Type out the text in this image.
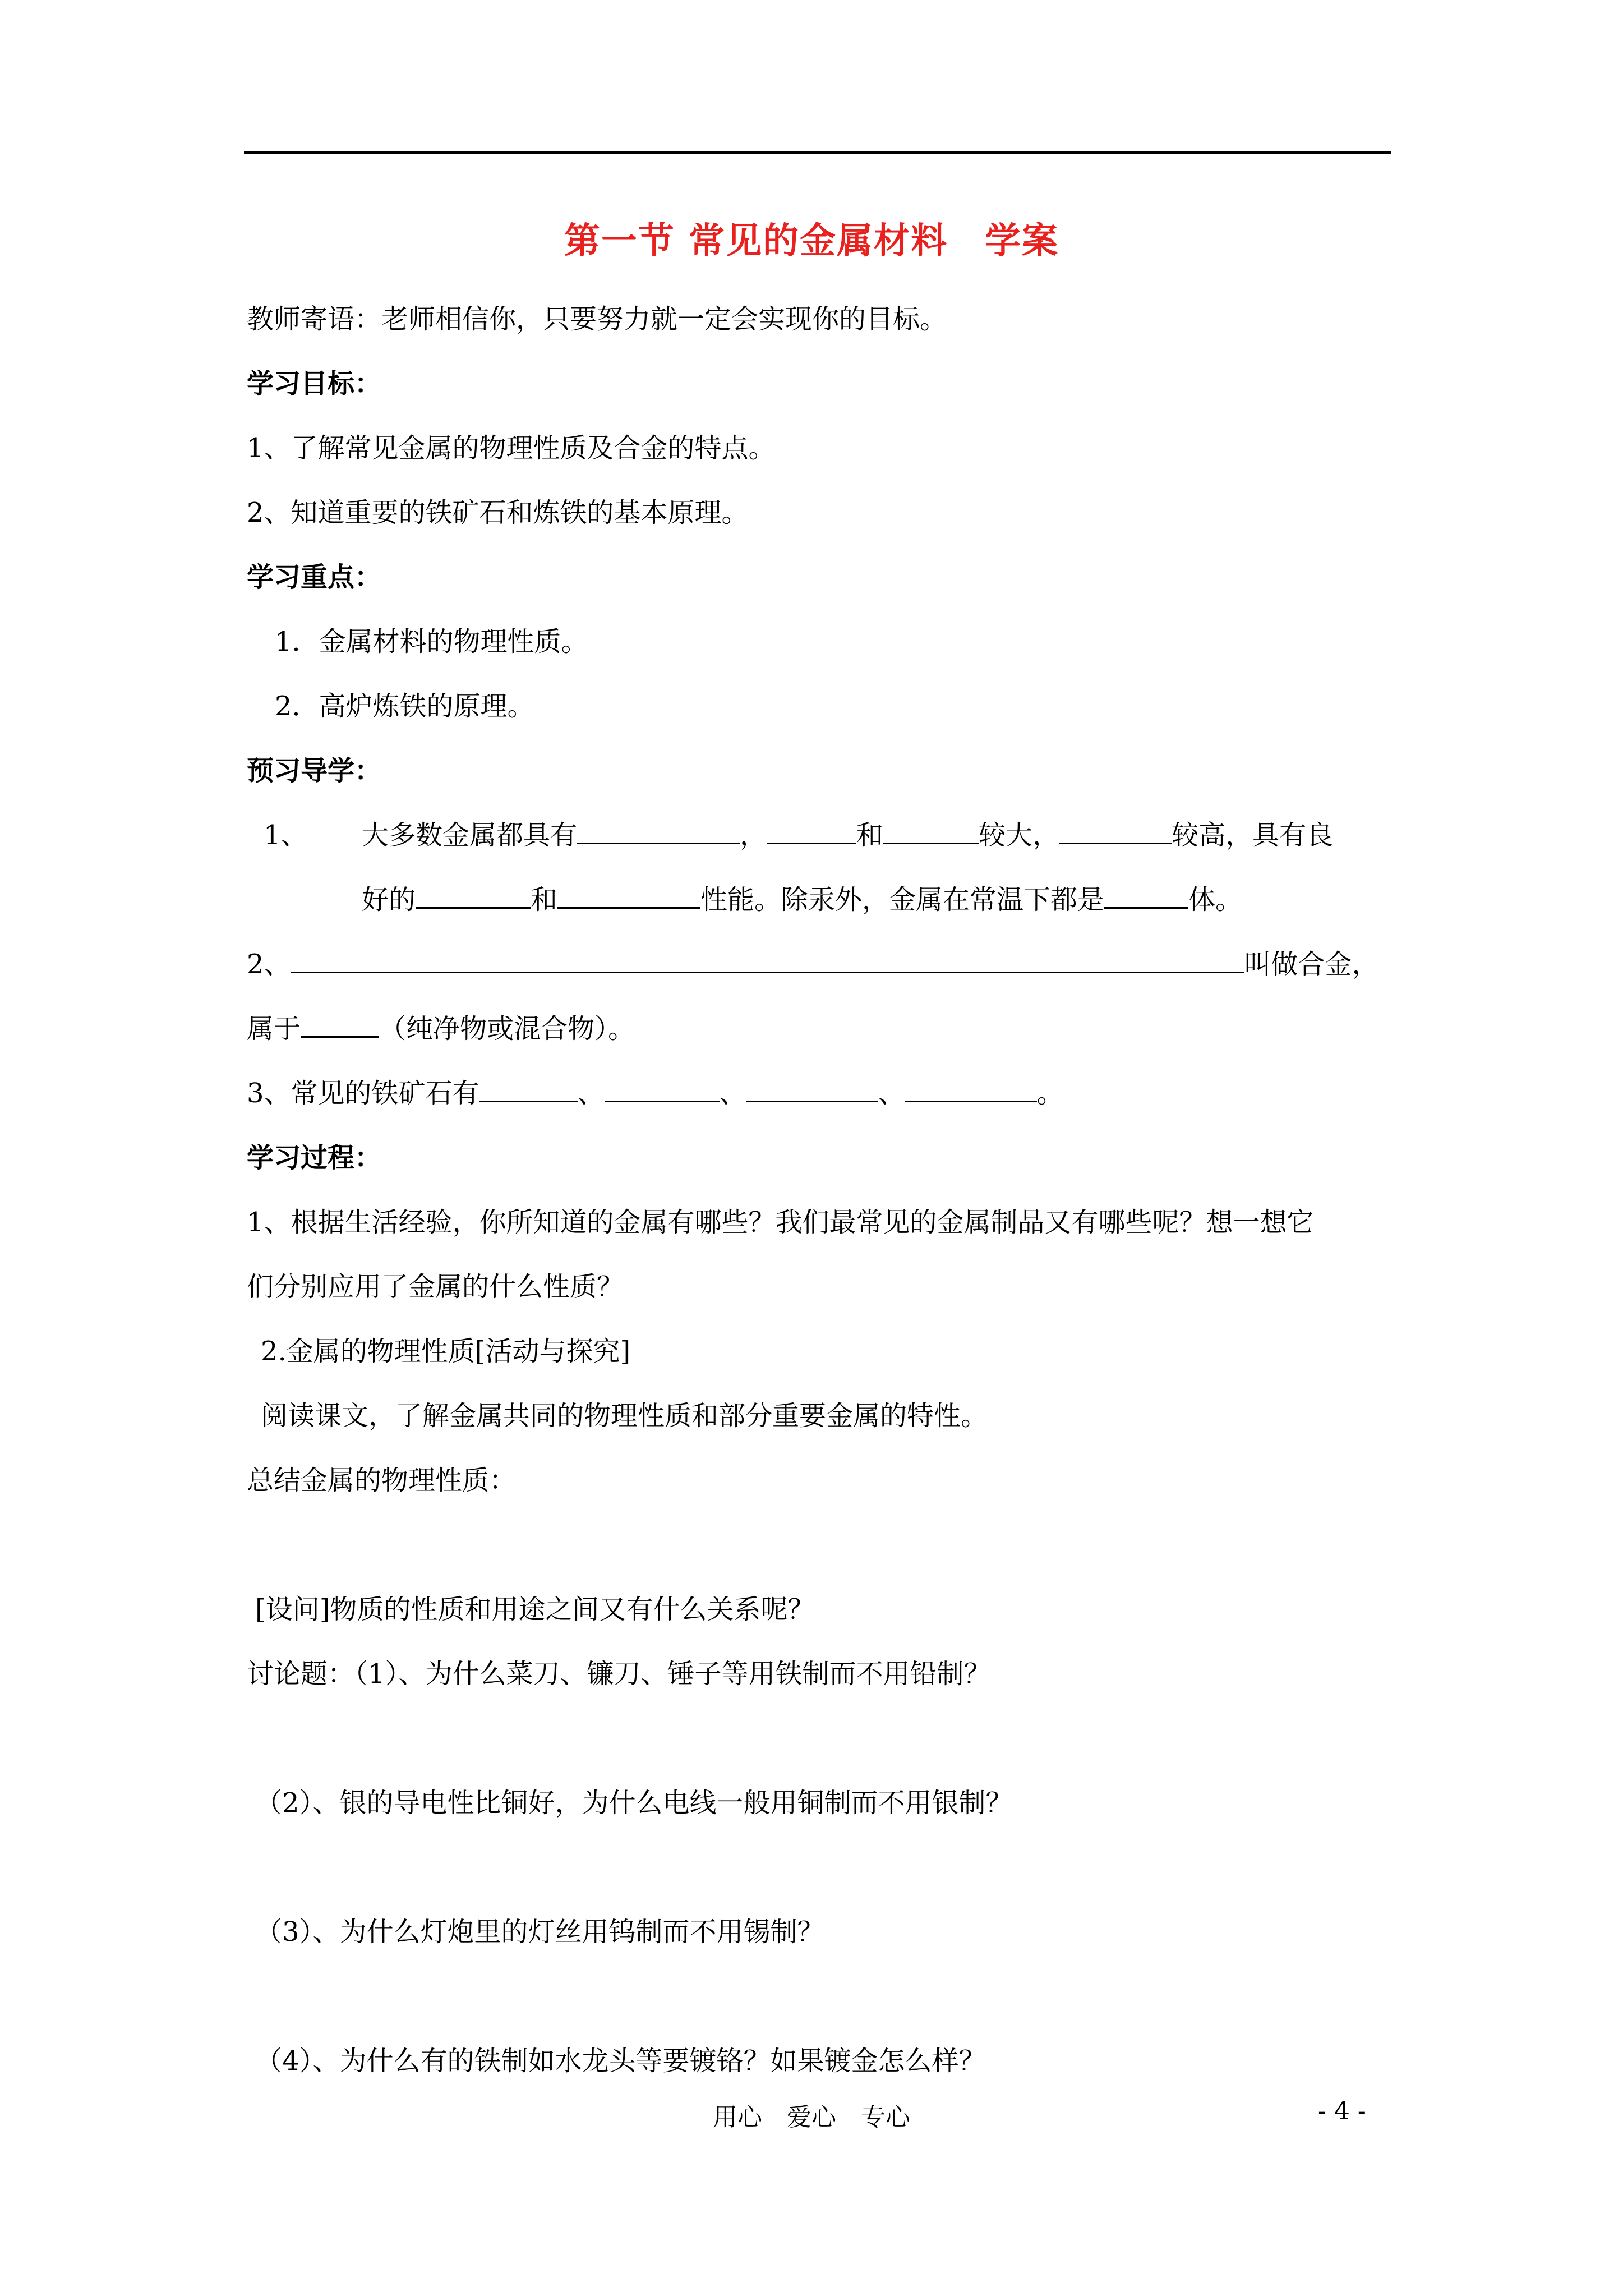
第一节 常见的金属材料　学案
教师寄语：老师相信你，只要努力就一定会实现你的目标。
学习目标：
1、了解常见金属的物理性质及合金的特点。
2、知道重要的铁矿石和炼铁的基本原理。
学习重点：
1．金属材料的物理性质。
2．高炉炼铁的原理。
预习导学：
1、 大多数金属都具有	，	和	较大，	较高，具有良
好的	和	性能。除汞外，金属在常温下都是	体。
2、	叫做合金，
属于	（纯净物或混合物）。
3、常见的铁矿石有	、	、	、	。
学习过程：
1、根据生活经验，你所知道的金属有哪些？我们最常见的金属制品又有哪些呢？想一想它
们分别应用了金属的什么性质？
2.金属的物理性质[活动与探究]
阅读课文，了解金属共同的物理性质和部分重要金属的特性。
总结金属的物理性质：
[设问]物质的性质和用途之间又有什么关系呢？
讨论题：（1）、为什么菜刀、镰刀、锤子等用铁制而不用铅制？
（2）、银的导电性比铜好，为什么电线一般用铜制而不用银制？
（3）、为什么灯炮里的灯丝用钨制而不用锡制？
（4）、为什么有的铁制如水龙头等要镀铬？如果镀金怎么样？
用心　爱心　专心	- 4 -
